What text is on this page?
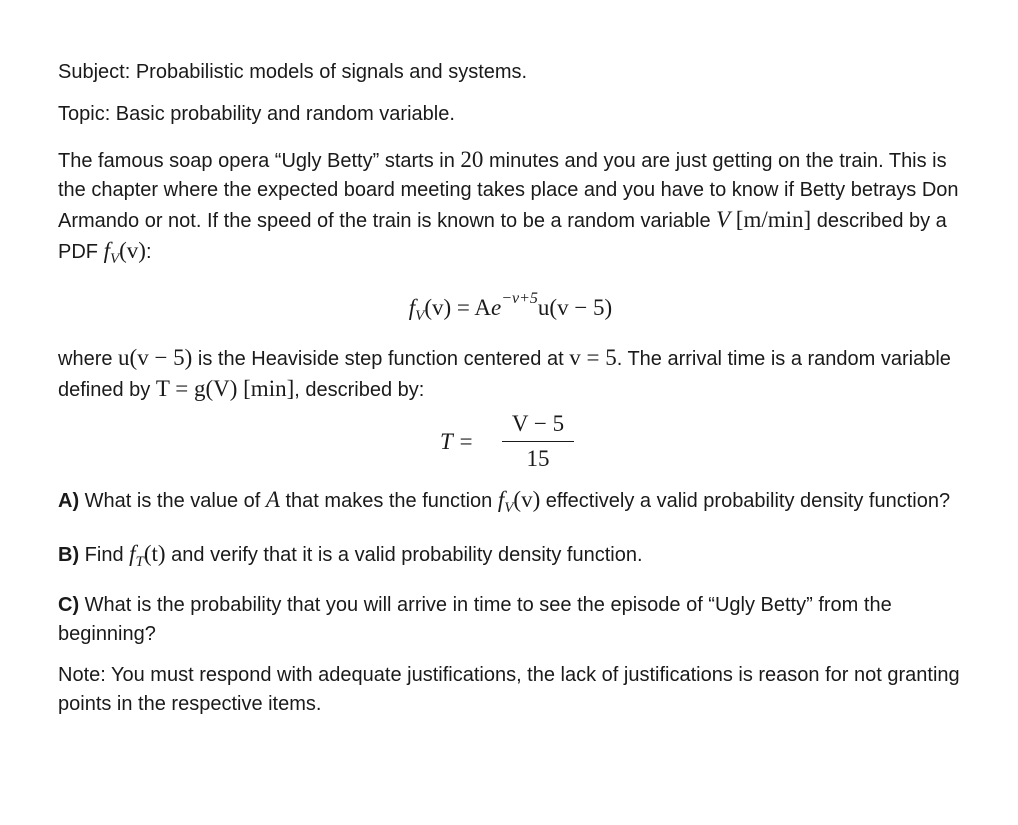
Subject: Probabilistic models of signals and systems.

Topic: Basic probability and random variable.

The famous soap opera “Ugly Betty” starts in 20 minutes and you are just getting on the train. This is the chapter where the expected board meeting takes place and you have to know if Betty betrays Don Armando or not. If the speed of the train is known to be a random variable V [m/min] described by a PDF $f_V(v)$:

$f_V(v) = Ae^{-v+5}u(v - 5)$

where u(v − 5) is the Heaviside step function centered at v = 5. The arrival time is a random variable defined by T = g(V) [min], described by:

T =
V − 5
15

A) What is the value of A that makes the function $f_V(v)$ effectively a valid probability density function?

B) Find $f_T(t)$ and verify that it is a valid probability density function.

C) What is the probability that you will arrive in time to see the episode of “Ugly Betty” from the beginning?

Note: You must respond with adequate justifications, the lack of justifications is reason for not granting points in the respective items.
